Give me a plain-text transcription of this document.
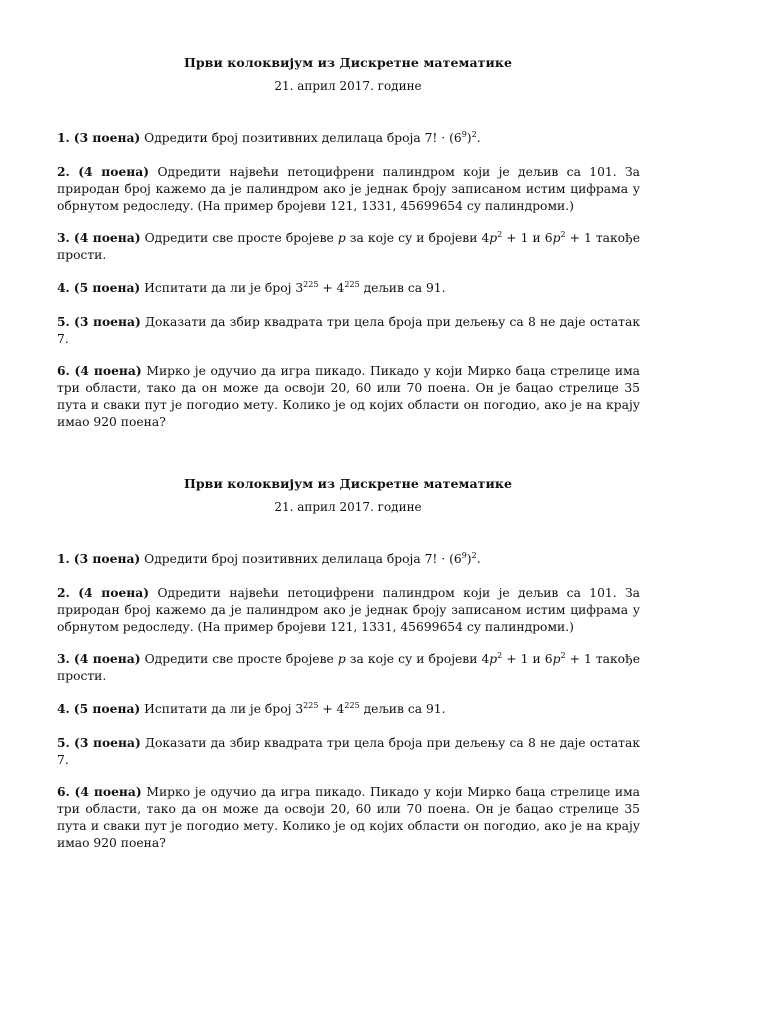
Први колоквијум из Дискретне математике
21. април 2017. године

1. (3 поена) Одредити број позитивних делилаца броја 7! · $(6^9)^2$.

2. (4 поена) Одредити највећи петоцифрени палиндром који је дељив са 101. За природан број кажемо да је палиндром ако је једнак броју записаном истим цифрама у обрнутом редоследу. (На пример бројеви 121, 1331, 45699654 су палиндроми.)

3. (4 поена) Одредити све просте бројеве p за које су и бројеви $4p^2 + 1$ и $6p^2 + 1$ такође прости.

4. (5 поена) Испитати да ли је број $3^{225} + 4^{225}$ дељив са 91.

5. (3 поена) Доказати да збир квадрата три цела броја при дељењу са 8 не даје остатак 7.

6. (4 поена) Мирко је одучио да игра пикадо. Пикадо у који Мирко баца стрелице има три области, тако да он може да освоји 20, 60 или 70 поена. Он је бацао стрелице 35 пута и сваки пут је погодио мету. Колико је од којих области он погодио, ако је на крају имао 920 поена?

Први колоквијум из Дискретне математике
21. април 2017. године

1. (3 поена) Одредити број позитивних делилаца броја 7! · $(6^9)^2$.

2. (4 поена) Одредити највећи петоцифрени палиндром који је дељив са 101. За природан број кажемо да је палиндром ако је једнак броју записаном истим цифрама у обрнутом редоследу. (На пример бројеви 121, 1331, 45699654 су палиндроми.)

3. (4 поена) Одредити све просте бројеве p за које су и бројеви $4p^2 + 1$ и $6p^2 + 1$ такође прости.

4. (5 поена) Испитати да ли је број $3^{225} + 4^{225}$ дељив са 91.

5. (3 поена) Доказати да збир квадрата три цела броја при дељењу са 8 не даје остатак 7.

6. (4 поена) Мирко је одучио да игра пикадо. Пикадо у који Мирко баца стрелице има три области, тако да он може да освоји 20, 60 или 70 поена. Он је бацао стрелице 35 пута и сваки пут је погодио мету. Колико је од којих области он погодио, ако је на крају имао 920 поена?
